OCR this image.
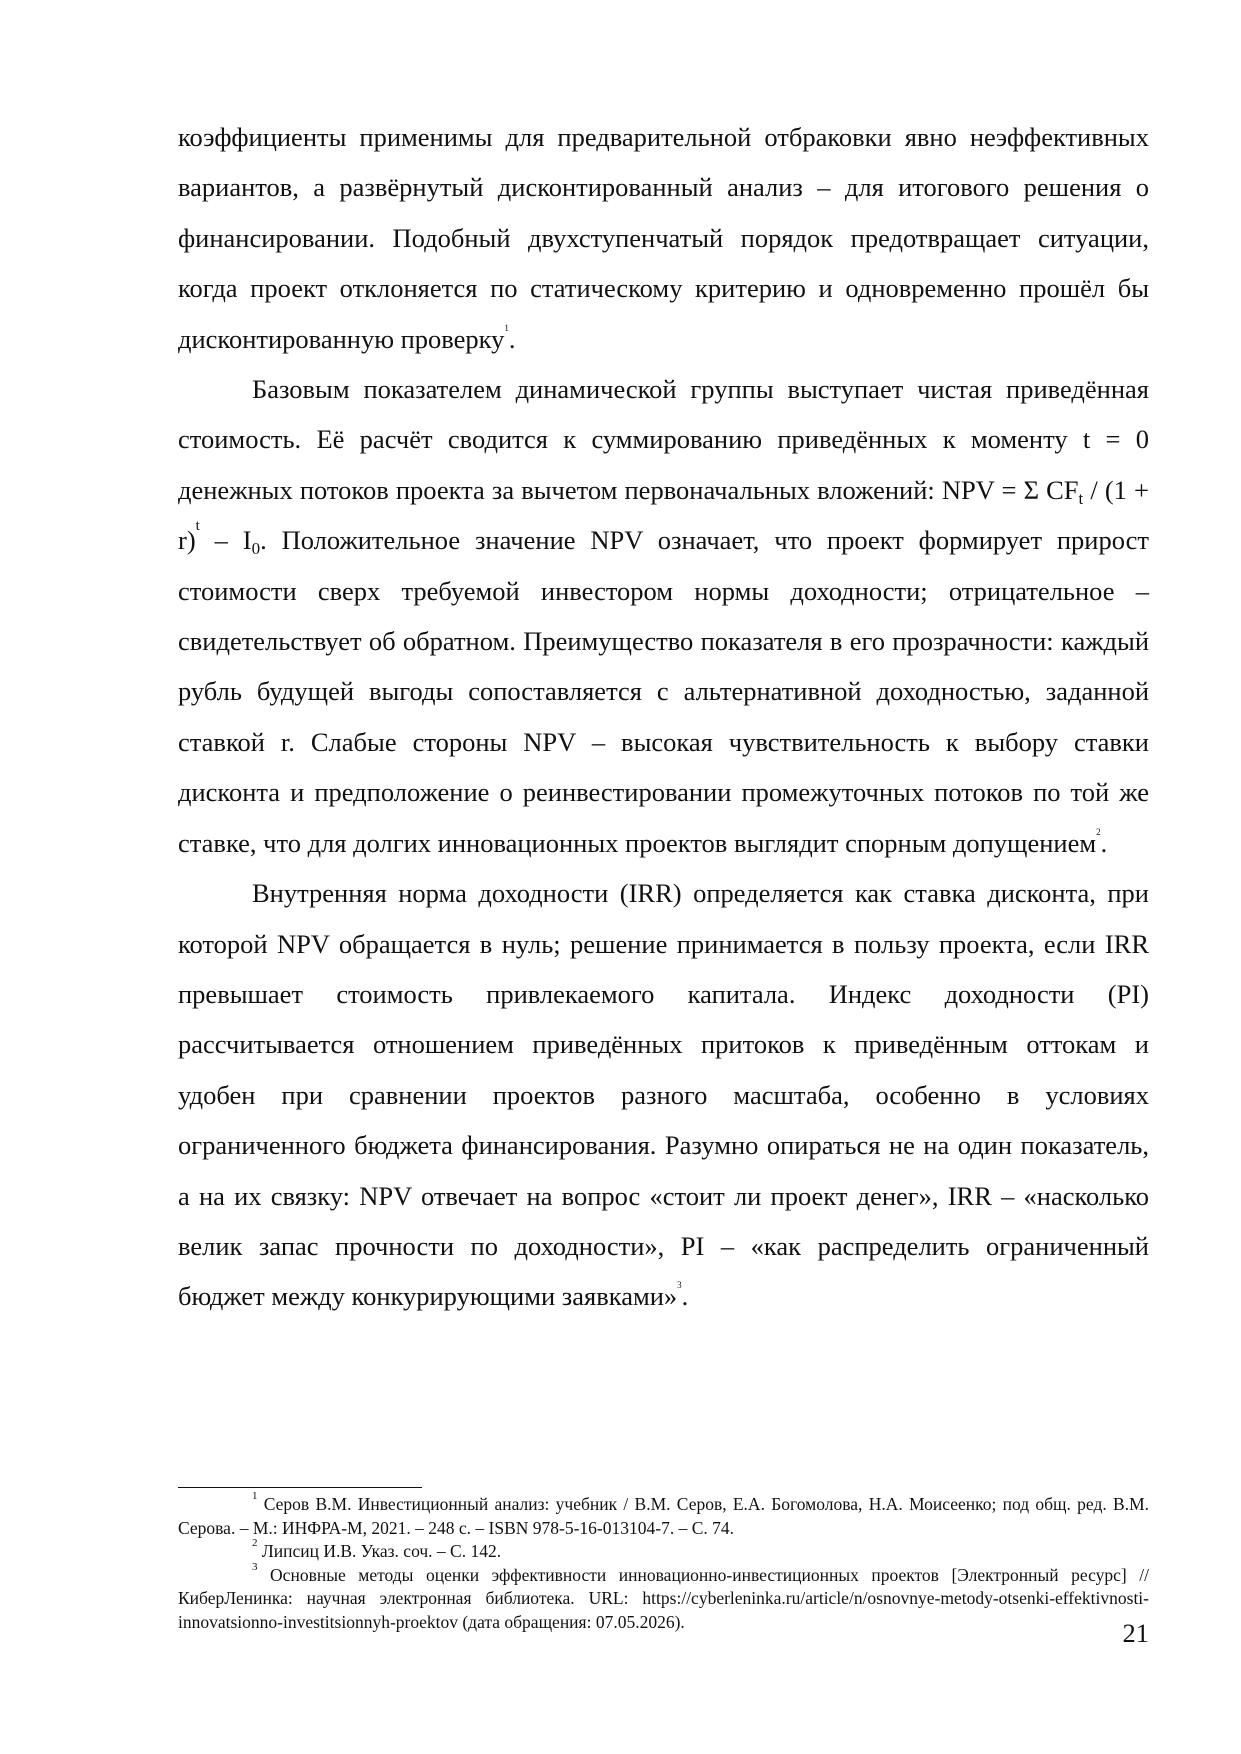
коэффициенты применимы для предварительной отбраковки явно неэффективных вариантов, а развёрнутый дисконтированный анализ – для итогового решения о финансировании. Подобный двухступенчатый порядок предотвращает ситуации, когда проект отклоняется по статическому критерию и одновременно прошёл бы дисконтированную проверку$^1$.

Базовым показателем динамической группы выступает чистая приведённая стоимость. Её расчёт сводится к суммированию приведённых к моменту t = 0 денежных потоков проекта за вычетом первоначальных вложений: NPV = Σ $CF_t / (1 + r)^t - I_0$. Положительное значение NPV означает, что проект формирует прирост стоимости сверх требуемой инвестором нормы доходности; отрицательное – свидетельствует об обратном. Преимущество показателя в его прозрачности: каждый рубль будущей выгоды сопоставляется с альтернативной доходностью, заданной ставкой r. Слабые стороны NPV – высокая чувствительность к выбору ставки дисконта и предположение о реинвестировании промежуточных потоков по той же ставке, что для долгих инновационных проектов выглядит спорным допущением$^2$.

Внутренняя норма доходности (IRR) определяется как ставка дисконта, при которой NPV обращается в нуль; решение принимается в пользу проекта, если IRR превышает стоимость привлекаемого капитала. Индекс доходности (PI) рассчитывается отношением приведённых притоков к приведённым оттокам и удобен при сравнении проектов разного масштаба, особенно в условиях ограниченного бюджета финансирования. Разумно опираться не на один показатель, а на их связку: NPV отвечает на вопрос «стоит ли проект денег», IRR – «насколько велик запас прочности по доходности», PI – «как распределить ограниченный бюджет между конкурирующими заявками»$^3$.

$^1$ Серов В.М. Инвестиционный анализ: учебник / В.М. Серов, Е.А. Богомолова, Н.А. Моисеенко; под общ. ред. В.М. Серова. – М.: ИНФРА-М, 2021. – 248 с. – ISBN 978-5-16-013104-7. – С. 74.

$^2$ Липсиц И.В. Указ. соч. – С. 142.

$^3$ Основные методы оценки эффективности инновационно-инвестиционных проектов [Электронный ресурс] // КиберЛенинка: научная электронная библиотека. URL: https://cyberleninka.ru/article/n/osnovnye-metody-otsenki-effektivnosti-innovatsionno-investitsionnyh-proektov (дата обращения: 07.05.2026).	21
